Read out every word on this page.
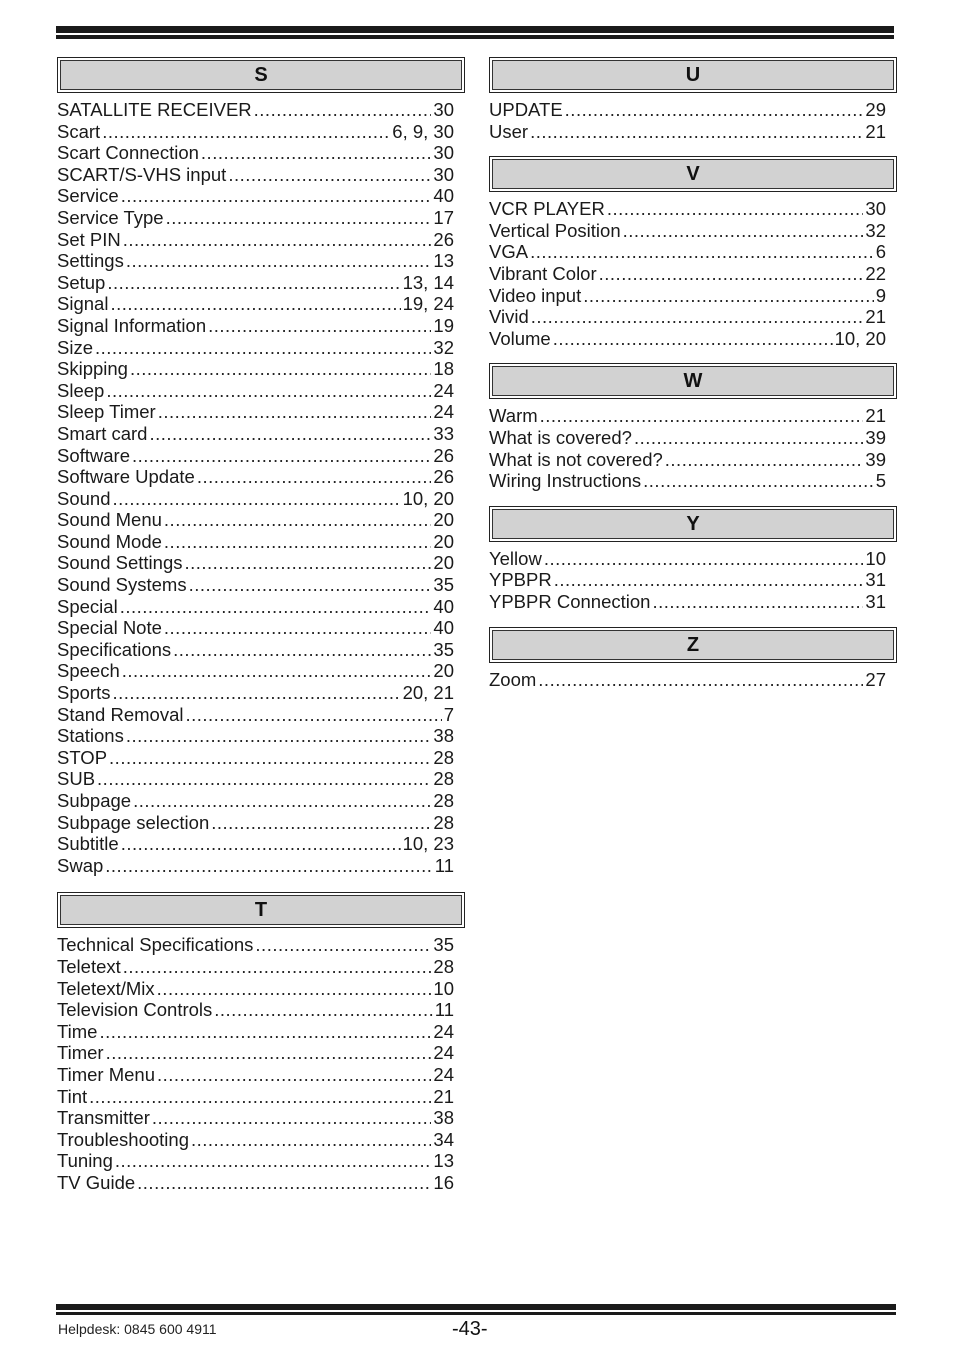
S
SATALLITE RECEIVER .....	30
Scart .....	6, 9, 30
Scart Connection .....	30
SCART/S-VHS input .....	30
Service .....	40
Service Type .....	17
Set PIN .....	26
Settings .....	13
Setup .....	13, 14
Signal .....	19, 24
Signal Information .....	19
Size .....	32
Skipping .....	18
Sleep .....	24
Sleep Timer .....	24
Smart card .....	33
Software .....	26
Software Update .....	26
Sound .....	10, 20
Sound Menu .....	20
Sound Mode .....	20
Sound Settings .....	20
Sound Systems .....	35
Special .....	40
Special Note .....	40
Specifications .....	35
Speech .....	20
Sports .....	20, 21
Stand Removal .....	7
Stations .....	38
STOP .....	28
SUB .....	28
Subpage .....	28
Subpage selection .....	28
Subtitle .....	10, 23
Swap .....	11
T
Technical Specifications .....	35
Teletext .....	28
Teletext/Mix .....	10
Television Controls .....	11
Time .....	24
Timer .....	24
Timer Menu .....	24
Tint .....	21
Transmitter .....	38
Troubleshooting .....	34
Tuning .....	13
TV Guide .....	16
U
UPDATE .....	29
User .....	21
V
VCR PLAYER .....	30
Vertical Position .....	32
VGA .....	6
Vibrant Color .....	22
Video input .....	9
Vivid .....	21
Volume .....	10, 20
W
Warm .....	21
What is covered? .....	39
What is not covered? .....	39
Wiring Instructions .....	5
Y
Yellow .....	10
YPBPR .....	31
YPBPR Connection .....	31
Z
Zoom .....	27
Helpdesk: 0845 600 4911	-43-
